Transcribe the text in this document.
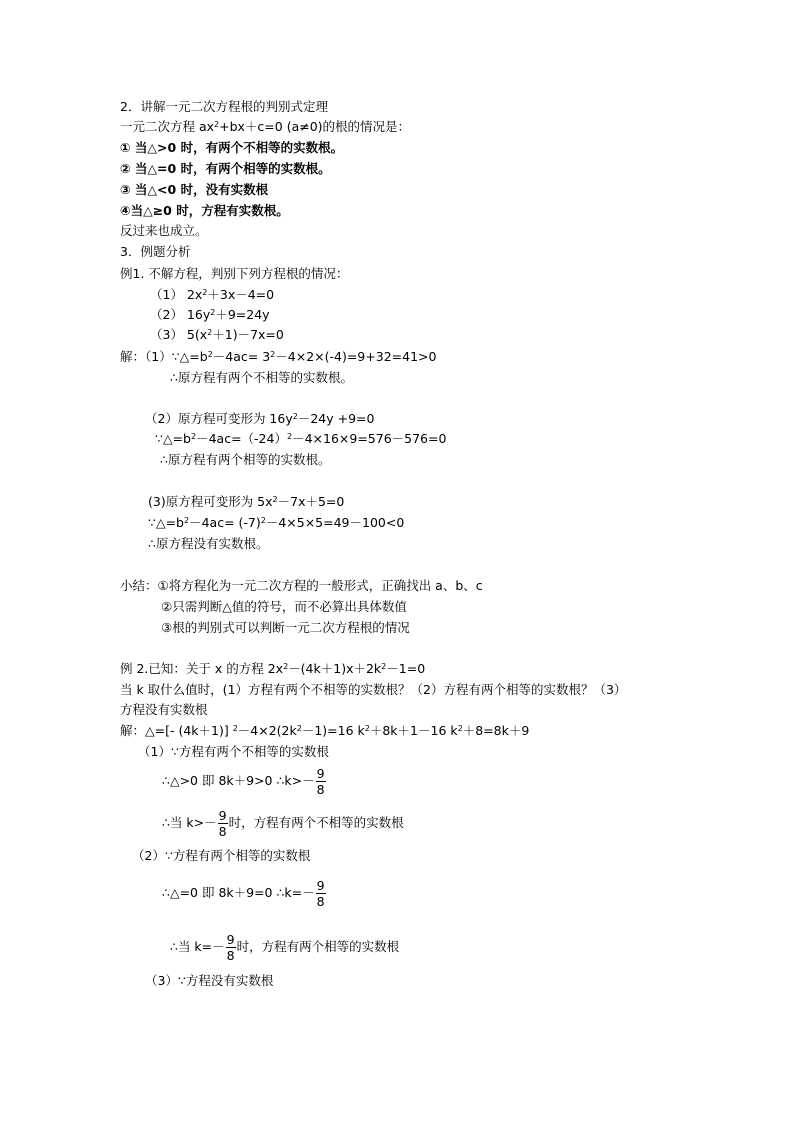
2．讲解一元二次方程根的判别式定理
一元二次方程 $ax^2+bx+c=0$ (a≠0)的根的情况是：
① 当△>0 时，有两个不相等的实数根。
② 当△=0 时，有两个相等的实数根。
③ 当△<0 时，没有实数根
④当△≥0 时，方程有实数根。
反过来也成立。
3．例题分析
例1. 不解方程，判别下列方程根的情况：
（1） $2x^2+3x-4=0$
（2） $16y^2+9=24y$
（3） $5(x^2+1)-7x=0$
解：$(1)\because\triangle=b^2-4ac= 3^2-4\times 2\times(-4)=9+32=41>0$
∴原方程有两个不相等的实数根。
（2）原方程可变形为 $16y^2-24y +9=0$
$\because\triangle=b^2-4ac=(-24)^2-4\times 16\times 9=576-576=0$
∴原方程有两个相等的实数根。
(3)原方程可变形为 $5x^2-7x+5=0$
$\because\triangle=b^2-4ac= (-7)^2-4\times 5\times 5=49-100<0$
∴原方程没有实数根。
小结：①将方程化为一元二次方程的一般形式，正确找出 a、b、c
②只需判断△值的符号，而不必算出具体数值
③根的判别式可以判断一元二次方程根的情况
例 2.已知：关于 x 的方程 $2x^2-(4k+1)x+2k^2-1=0$
当 k 取什么值时，(1）方程有两个不相等的实数根？（2）方程有两个相等的实数根？（3）
方程没有实数根
解：△=[- (4k＋1)] $^2-4\times 2(2k^2-1)=16$ $k^2+8k+1-16$ $k^2+8=8k+9$
（1）∵方程有两个不相等的实数根
∴△>0 即 8k＋9>0 ∴k>－ $\frac{9}{8}$
∴当 $k>- \frac{9}{8}$ 时，方程有两个不相等的实数根
（2）∵方程有两个相等的实数根
∴△=0 即 8k＋9=0 ∴k=－ $\frac{9}{8}$
∴当 $k=- \frac{9}{8}$ 时，方程有两个相等的实数根
（3）∵方程没有实数根
